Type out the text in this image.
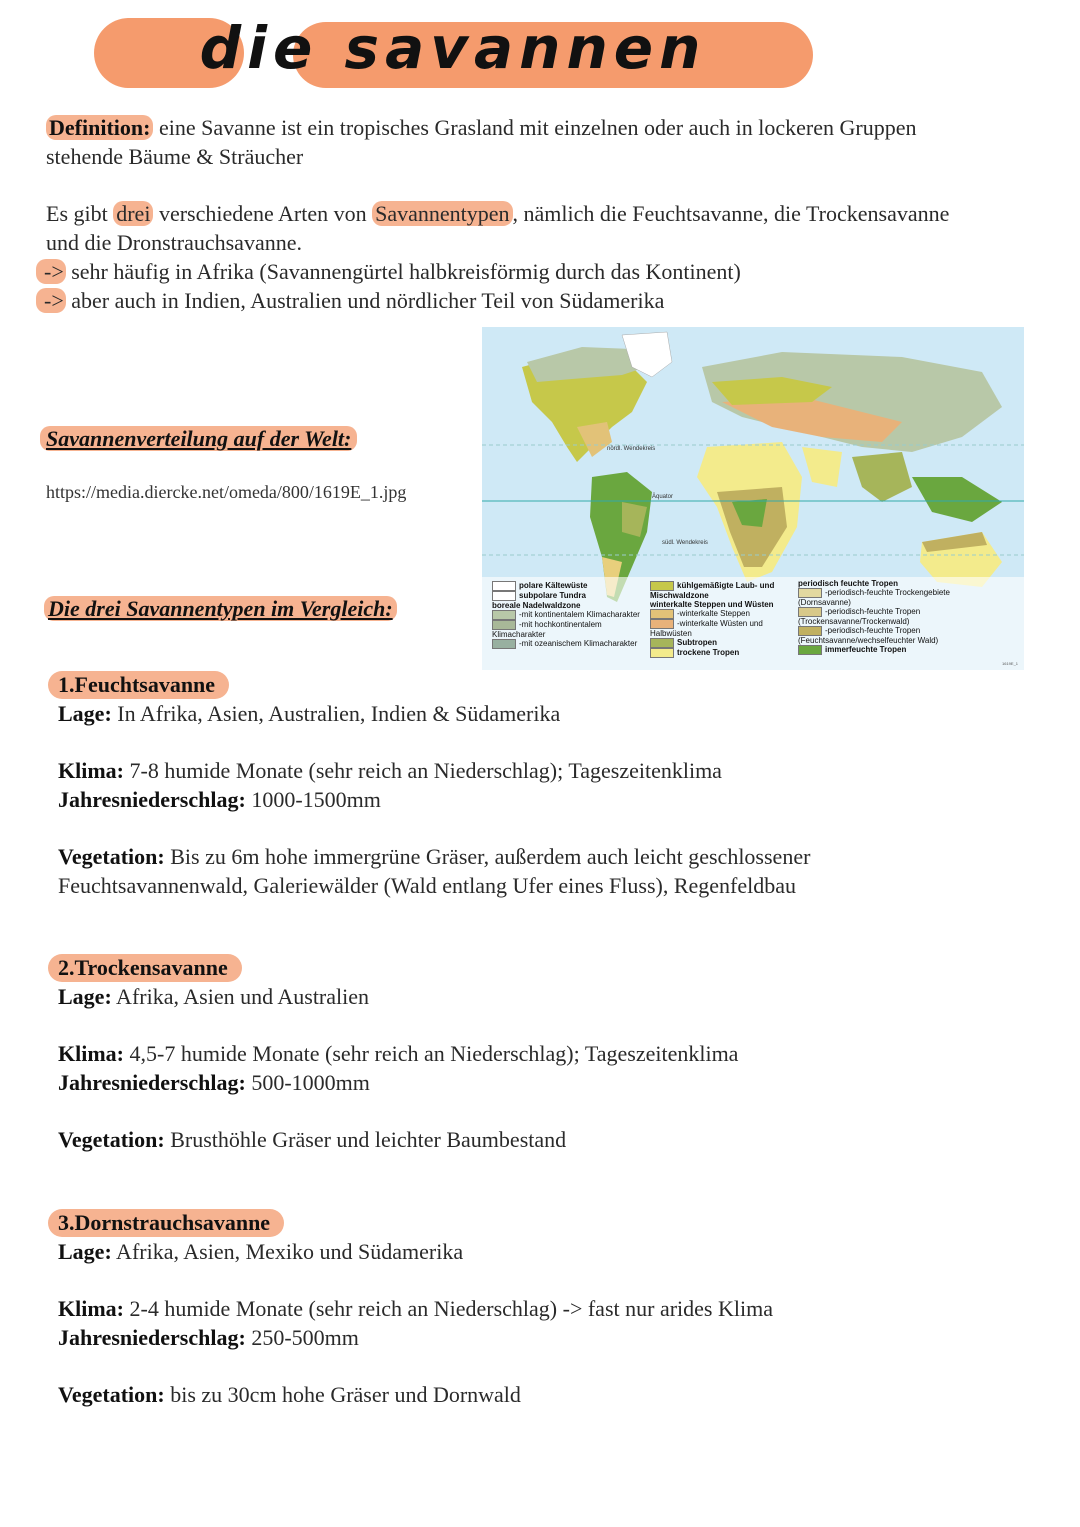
die savannen
Definition: eine Savanne ist ein tropisches Grasland mit einzelnen oder auch in lockeren Gruppen
stehende Bäume & Sträucher
Es gibt drei verschiedene Arten von Savannentypen , nämlich die Feuchtsavanne, die Trockensavanne
und die Dronstrauchsavanne.
-> sehr häufig in Afrika (Savannengürtel halbkreisförmig durch das Kontinent)
-> aber auch in Indien, Australien und nördlicher Teil von Südamerika
Savannenverteilung auf der Welt:
https://media.diercke.net/omeda/800/1619E_1.jpg
Die drei Savannentypen im Vergleich:
nördl. Wendekreis
Äquator
südl. Wendekreis
1619E_1
polare Kältewüste
subpolare Tundra
boreale Nadelwaldzone
-mit kontinentalem Klimacharakter
-mit hochkontinentalem Klimacharakter
-mit ozeanischem Klimacharakter
kühlgemäßigte Laub- und Mischwaldzone
winterkalte Steppen und Wüsten
-winterkalte Steppen
-winterkalte Wüsten und Halbwüsten
Subtropen
trockene Tropen
periodisch feuchte Tropen
-periodisch-feuchte Trockengebiete (Dornsavanne)
-periodisch-feuchte Tropen (Trockensavanne/Trockenwald)
-periodisch-feuchte Tropen (Feuchtsavanne/wechselfeuchter Wald)
immerfeuchte Tropen
1.Feuchtsavanne
Lage: In Afrika, Asien, Australien, Indien & Südamerika
Klima: 7-8 humide Monate (sehr reich an Niederschlag); Tageszeitenklima
Jahresniederschlag: 1000-1500mm
Vegetation: Bis zu 6m hohe immergrüne Gräser, außerdem auch leicht geschlossener
Feuchtsavannenwald, Galeriewälder (Wald entlang Ufer eines Fluss), Regenfeldbau
2.Trockensavanne
Lage: Afrika, Asien und Australien
Klima: 4,5-7 humide Monate (sehr reich an Niederschlag); Tageszeitenklima
Jahresniederschlag: 500-1000mm
Vegetation: Brusthöhle Gräser und leichter Baumbestand
3.Dornstrauchsavanne
Lage: Afrika, Asien, Mexiko und Südamerika
Klima: 2-4 humide Monate (sehr reich an Niederschlag) -> fast nur arides Klima
Jahresniederschlag: 250-500mm
Vegetation: bis zu 30cm hohe Gräser und Dornwald
